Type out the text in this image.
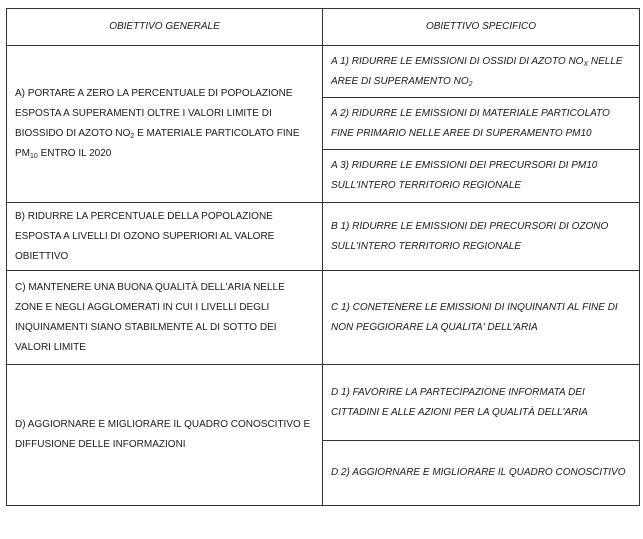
OBIETTIVO GENERALE	OBIETTIVO SPECIFICO
A) PORTARE A ZERO LA PERCENTUALE DI POPOLAZIONE ESPOSTA A SUPERAMENTI OLTRE I VALORI LIMITE DI BIOSSIDO DI AZOTO $NO_2$ E MATERIALE PARTICOLATO FINE $PM_{10}$ ENTRO IL 2020	A 1) RIDURRE LE EMISSIONI DI OSSIDI DI AZOTO $NO_X$ NELLE AREE DI SUPERAMENTO $NO_2$
	A 2) RIDURRE LE EMISSIONI DI MATERIALE PARTICOLATO FINE PRIMARIO NELLE AREE DI SUPERAMENTO PM10
	A 3) RIDURRE LE EMISSIONI DEI PRECURSORI DI PM10 SULL'INTERO TERRITORIO REGIONALE
B) RIDURRE LA PERCENTUALE DELLA POPOLAZIONE ESPOSTA A LIVELLI DI OZONO SUPERIORI AL VALORE OBIETTIVO	B 1) RIDURRE LE EMISSIONI DEI PRECURSORI DI OZONO SULL'INTERO TERRITORIO REGIONALE
C) MANTENERE UNA BUONA QUALITÀ DELL'ARIA NELLE ZONE E NEGLI AGGLOMERATI IN CUI I LIVELLI DEGLI INQUINAMENTI SIANO STABILMENTE AL DI SOTTO DEI VALORI LIMITE	C 1) CONETENERE LE EMISSIONI DI INQUINANTI AL FINE DI NON PEGGIORARE LA QUALITA' DELL'ARIA
D) AGGIORNARE E MIGLIORARE IL QUADRO CONOSCITIVO E DIFFUSIONE DELLE INFORMAZIONI	D 1) FAVORIRE LA PARTECIPAZIONE INFORMATA DEI CITTADINI E ALLE AZIONI PER LA QUALITÀ DELL'ARIA
	D 2) AGGIORNARE E MIGLIORARE IL QUADRO CONOSCITIVO
